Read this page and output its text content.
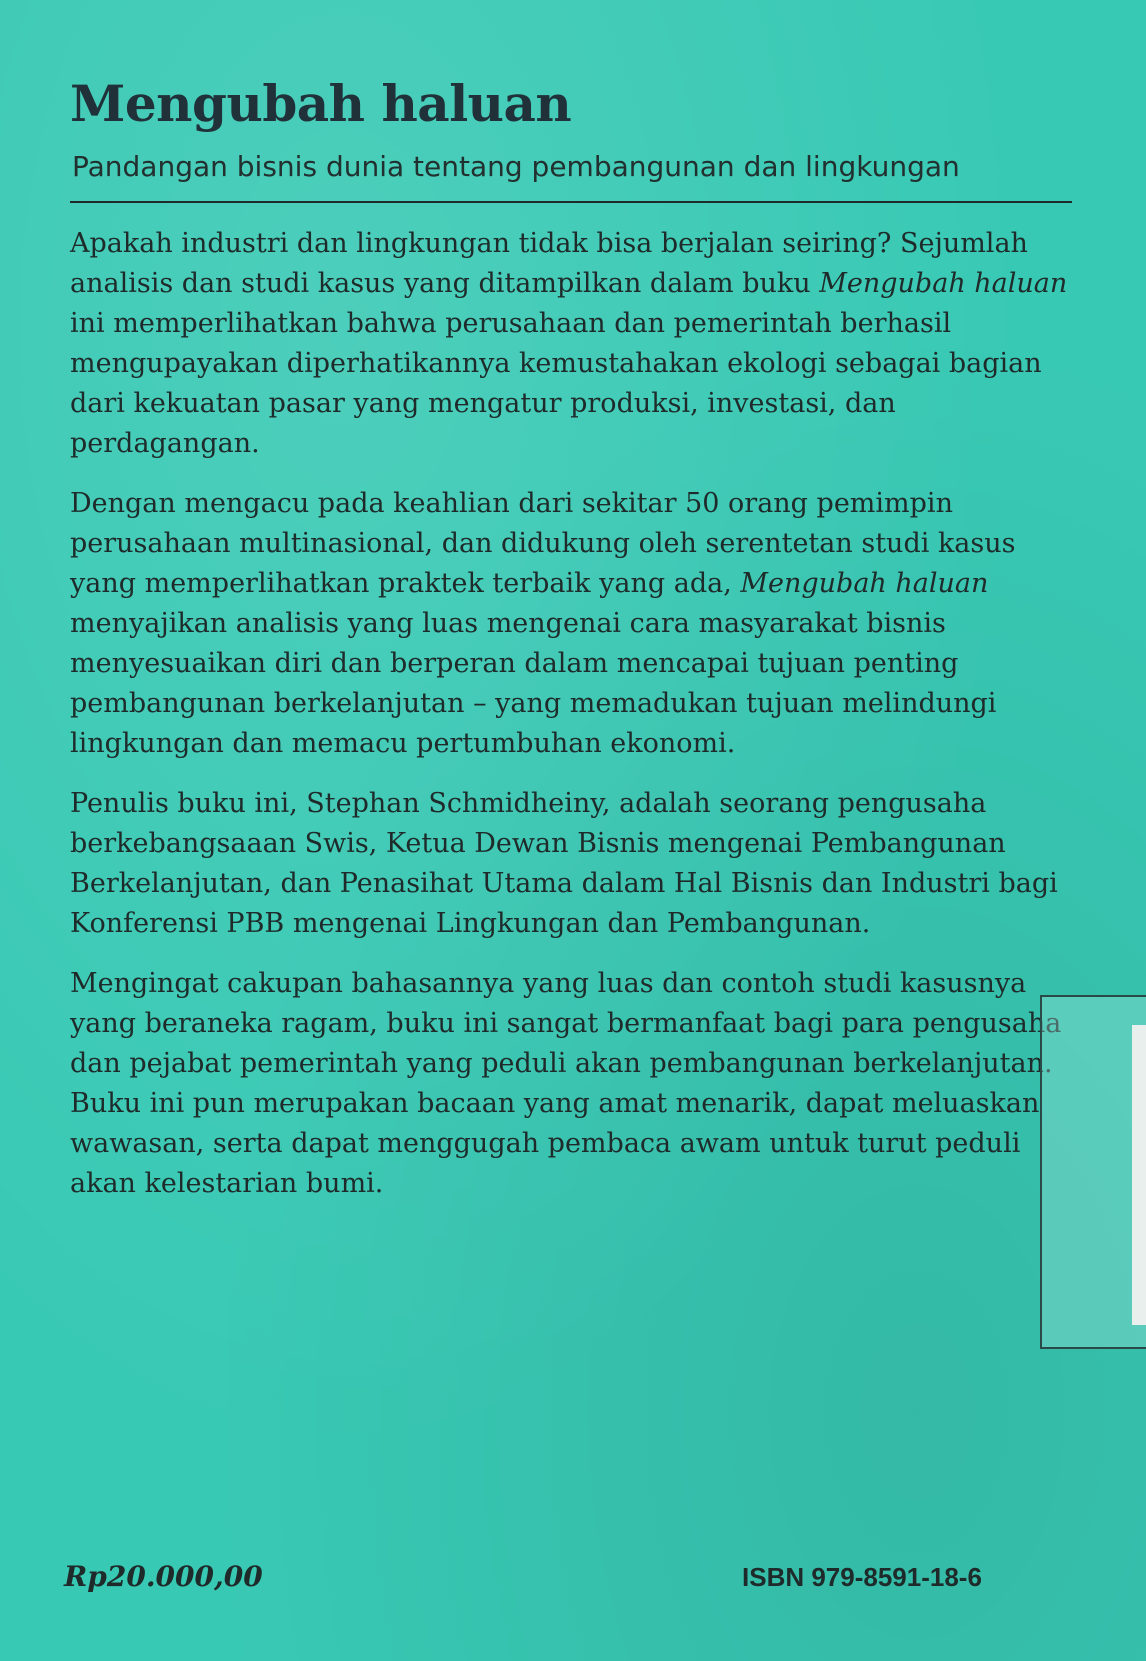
Mengubah haluan

Pandangan bisnis dunia tentang pembangunan dan lingkungan

Apakah industri dan lingkungan tidak bisa berjalan seiring? Sejumlah analisis dan studi kasus yang ditampilkan dalam buku Mengubah haluan ini memperlihatkan bahwa perusahaan dan pemerintah berhasil mengupayakan diperhatikannya kemustahakan ekologi sebagai bagian dari kekuatan pasar yang mengatur produksi, investasi, dan perdagangan.

Dengan mengacu pada keahlian dari sekitar 50 orang pemimpin perusahaan multinasional, dan didukung oleh serentetan studi kasus yang memperlihatkan praktek terbaik yang ada, Mengubah haluan menyajikan analisis yang luas mengenai cara masyarakat bisnis menyesuaikan diri dan berperan dalam mencapai tujuan penting pembangunan berkelanjutan – yang memadukan tujuan melindungi lingkungan dan memacu pertumbuhan ekonomi.

Penulis buku ini, Stephan Schmidheiny, adalah seorang pengusaha berkebangsaaan Swis, Ketua Dewan Bisnis mengenai Pembangunan Berkelanjutan, dan Penasihat Utama dalam Hal Bisnis dan Industri bagi Konferensi PBB mengenai Lingkungan dan Pembangunan.

Mengingat cakupan bahasannya yang luas dan contoh studi kasusnya yang beraneka ragam, buku ini sangat bermanfaat bagi para pengusaha dan pejabat pemerintah yang peduli akan pembangunan berkelanjutan. Buku ini pun merupakan bacaan yang amat menarik, dapat meluaskan wawasan, serta dapat menggugah pembaca awam untuk turut peduli akan kelestarian bumi.

Rp20.000,00	ISBN 979-8591-18-6
